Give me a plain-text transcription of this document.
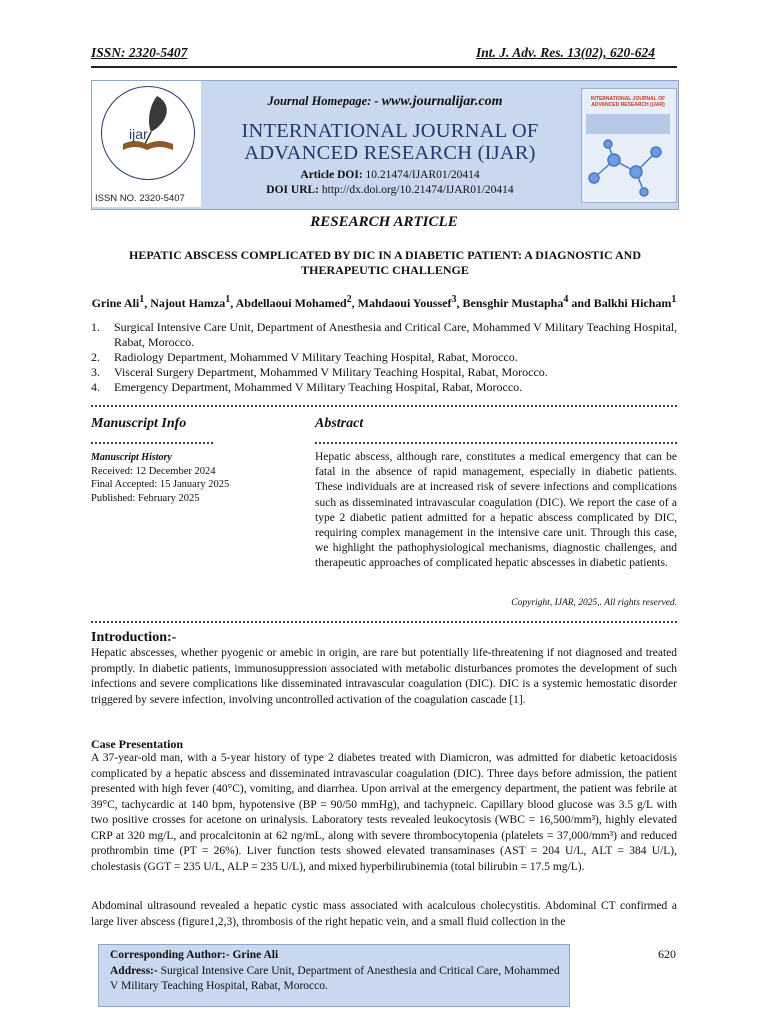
ISSN: 2320-5407	Int. J. Adv. Res. 13(02), 620-624
ijar
ISSN NO. 2320-5407
Journal Homepage: - www.journalijar.com
INTERNATIONAL JOURNAL OF
ADVANCED RESEARCH (IJAR)
Article DOI: 10.21474/IJAR01/20414
DOI URL: http://dx.doi.org/10.21474/IJAR01/20414
INTERNATIONAL JOURNAL OF ADVANCED RESEARCH (IJAR)
RESEARCH ARTICLE
HEPATIC ABSCESS COMPLICATED BY DIC IN A DIABETIC PATIENT: A DIAGNOSTIC AND THERAPEUTIC CHALLENGE
Grine Ali$^1$, Najout Hamza$^1$, Abdellaoui Mohamed$^2$, Mahdaoui Youssef$^3$, Bensghir Mustapha$^4$ and Balkhi Hicham$^1$
1. Surgical Intensive Care Unit, Department of Anesthesia and Critical Care, Mohammed V Military Teaching Hospital, Rabat, Morocco.
2. Radiology Department, Mohammed V Military Teaching Hospital, Rabat, Morocco.
3. Visceral Surgery Department, Mohammed V Military Teaching Hospital, Rabat, Morocco.
4. Emergency Department, Mohammed V Military Teaching Hospital, Rabat, Morocco.
Manuscript Info
Manuscript History
Received: 12 December 2024
Final Accepted: 15 January 2025
Published: February 2025
Abstract
Hepatic abscess, although rare, constitutes a medical emergency that can be fatal in the absence of rapid management, especially in diabetic patients. These individuals are at increased risk of severe infections and complications such as disseminated intravascular coagulation (DIC). We report the case of a type 2 diabetic patient admitted for a hepatic abscess complicated by DIC, requiring complex management in the intensive care unit. Through this case, we highlight the pathophysiological mechanisms, diagnostic challenges, and therapeutic approaches of complicated hepatic abscesses in diabetic patients.
Copyright, IJAR, 2025,. All rights reserved.
Introduction:-
Hepatic abscesses, whether pyogenic or amebic in origin, are rare but potentially life-threatening if not diagnosed and treated promptly. In diabetic patients, immunosuppression associated with metabolic disturbances promotes the development of such infections and severe complications like disseminated intravascular coagulation (DIC). DIC is a systemic hemostatic disorder triggered by severe infection, involving uncontrolled activation of the coagulation cascade [1].
Case Presentation
A 37-year-old man, with a 5-year history of type 2 diabetes treated with Diamicron, was admitted for diabetic ketoacidosis complicated by a hepatic abscess and disseminated intravascular coagulation (DIC). Three days before admission, the patient presented with high fever (40°C), vomiting, and diarrhea. Upon arrival at the emergency department, the patient was febrile at 39°C, tachycardic at 140 bpm, hypotensive (BP = 90/50 mmHg), and tachypneic. Capillary blood glucose was 3.5 g/L with two positive crosses for acetone on urinalysis. Laboratory tests revealed leukocytosis (WBC = 16,500/mm³), highly elevated CRP at 320 mg/L, and procalcitonin at 62 ng/mL, along with severe thrombocytopenia (platelets = 37,000/mm³) and reduced prothrombin time (PT = 26%). Liver function tests showed elevated transaminases (AST = 204 U/L, ALT = 384 U/L), cholestasis (GGT = 235 U/L, ALP = 235 U/L), and mixed hyperbilirubinemia (total bilirubin = 17.5 mg/L).
Abdominal ultrasound revealed a hepatic cystic mass associated with acalculous cholecystitis. Abdominal CT confirmed a large liver abscess (figure1,2,3), thrombosis of the right hepatic vein, and a small fluid collection in the
Corresponding Author:- Grine Ali
Address:- Surgical Intensive Care Unit, Department of Anesthesia and Critical Care, Mohammed V Military Teaching Hospital, Rabat, Morocco.
620
